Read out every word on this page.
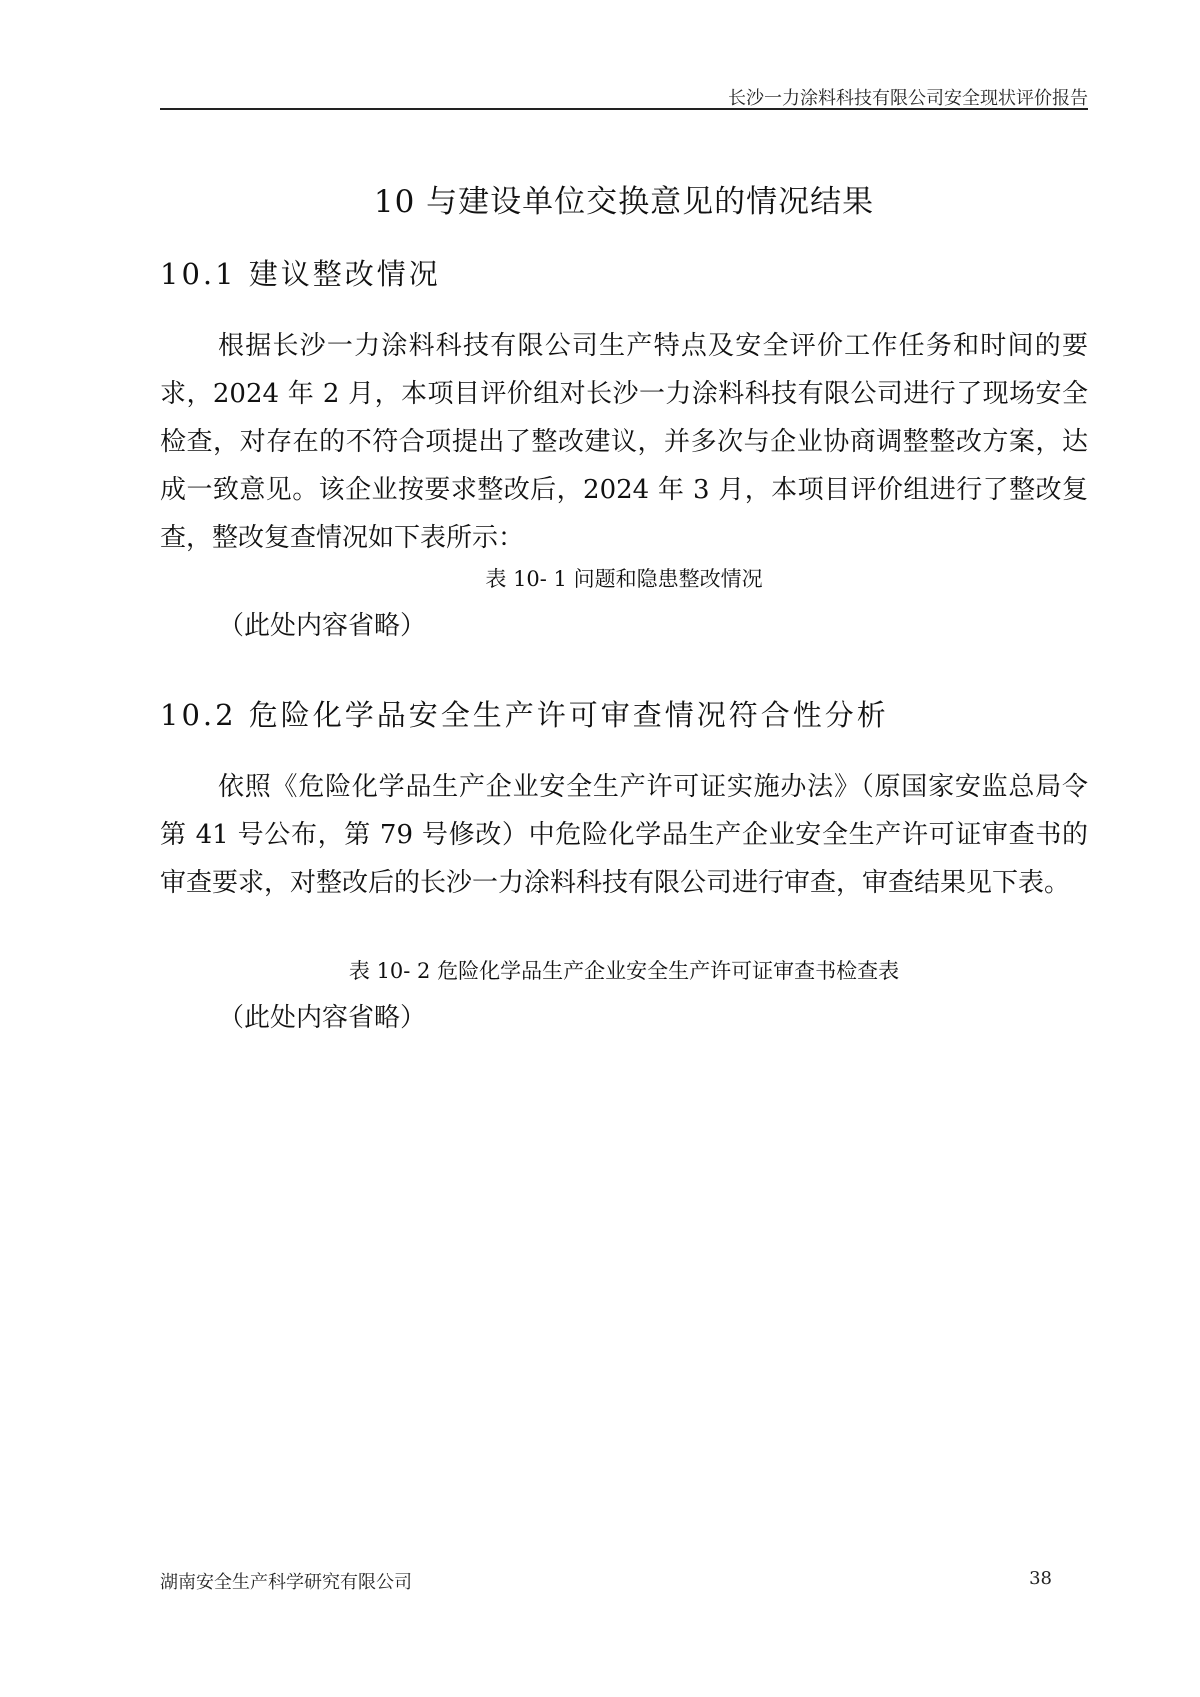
长沙一力涂料科技有限公司安全现状评价报告
10 与建设单位交换意见的情况结果
10.1 建议整改情况

根据长沙一力涂料科技有限公司生产特点及安全评价工作任务和时间的要求，2024 年 2 月，本项目评价组对长沙一力涂料科技有限公司进行了现场安全检查，对存在的不符合项提出了整改建议，并多次与企业协商调整整改方案，达成一致意见。该企业按要求整改后，2024 年 3 月，本项目评价组进行了整改复查，整改复查情况如下表所示：

表 10- 1 问题和隐患整改情况
（此处内容省略）
10.2 危险化学品安全生产许可审查情况符合性分析

依照《危险化学品生产企业安全生产许可证实施办法》（原国家安监总局令第 41 号公布，第 79 号修改）中危险化学品生产企业安全生产许可证审查书的审查要求，对整改后的长沙一力涂料科技有限公司进行审查，审查结果见下表。

表 10- 2 危险化学品生产企业安全生产许可证审查书检查表
（此处内容省略）
湖南安全生产科学研究有限公司	38
